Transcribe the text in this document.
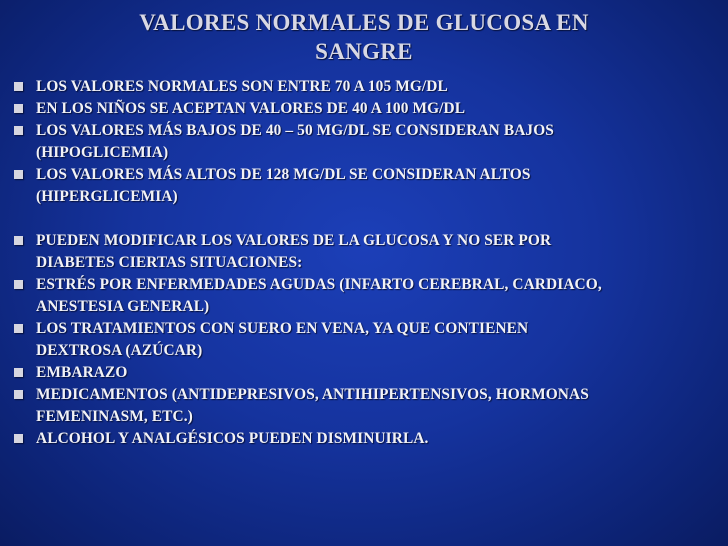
VALORES NORMALES DE GLUCOSA EN
SANGRE
LOS VALORES NORMALES SON ENTRE 70 A 105 MG/DL
EN LOS NIÑOS SE ACEPTAN VALORES DE 40 A 100 MG/DL
LOS VALORES MÁS BAJOS DE 40 – 50 MG/DL SE CONSIDERAN BAJOS
(HIPOGLICEMIA)
LOS VALORES MÁS ALTOS DE 128 MG/DL SE CONSIDERAN ALTOS
(HIPERGLICEMIA)
PUEDEN MODIFICAR LOS VALORES DE LA GLUCOSA Y NO SER POR
DIABETES CIERTAS SITUACIONES:
ESTRÉS POR ENFERMEDADES AGUDAS (INFARTO CEREBRAL, CARDIACO,
ANESTESIA GENERAL)
LOS TRATAMIENTOS CON SUERO EN VENA, YA QUE CONTIENEN
DEXTROSA (AZÚCAR)
EMBARAZO
MEDICAMENTOS (ANTIDEPRESIVOS, ANTIHIPERTENSIVOS, HORMONAS
FEMENINASM, ETC.)
ALCOHOL Y ANALGÉSICOS PUEDEN DISMINUIRLA.
